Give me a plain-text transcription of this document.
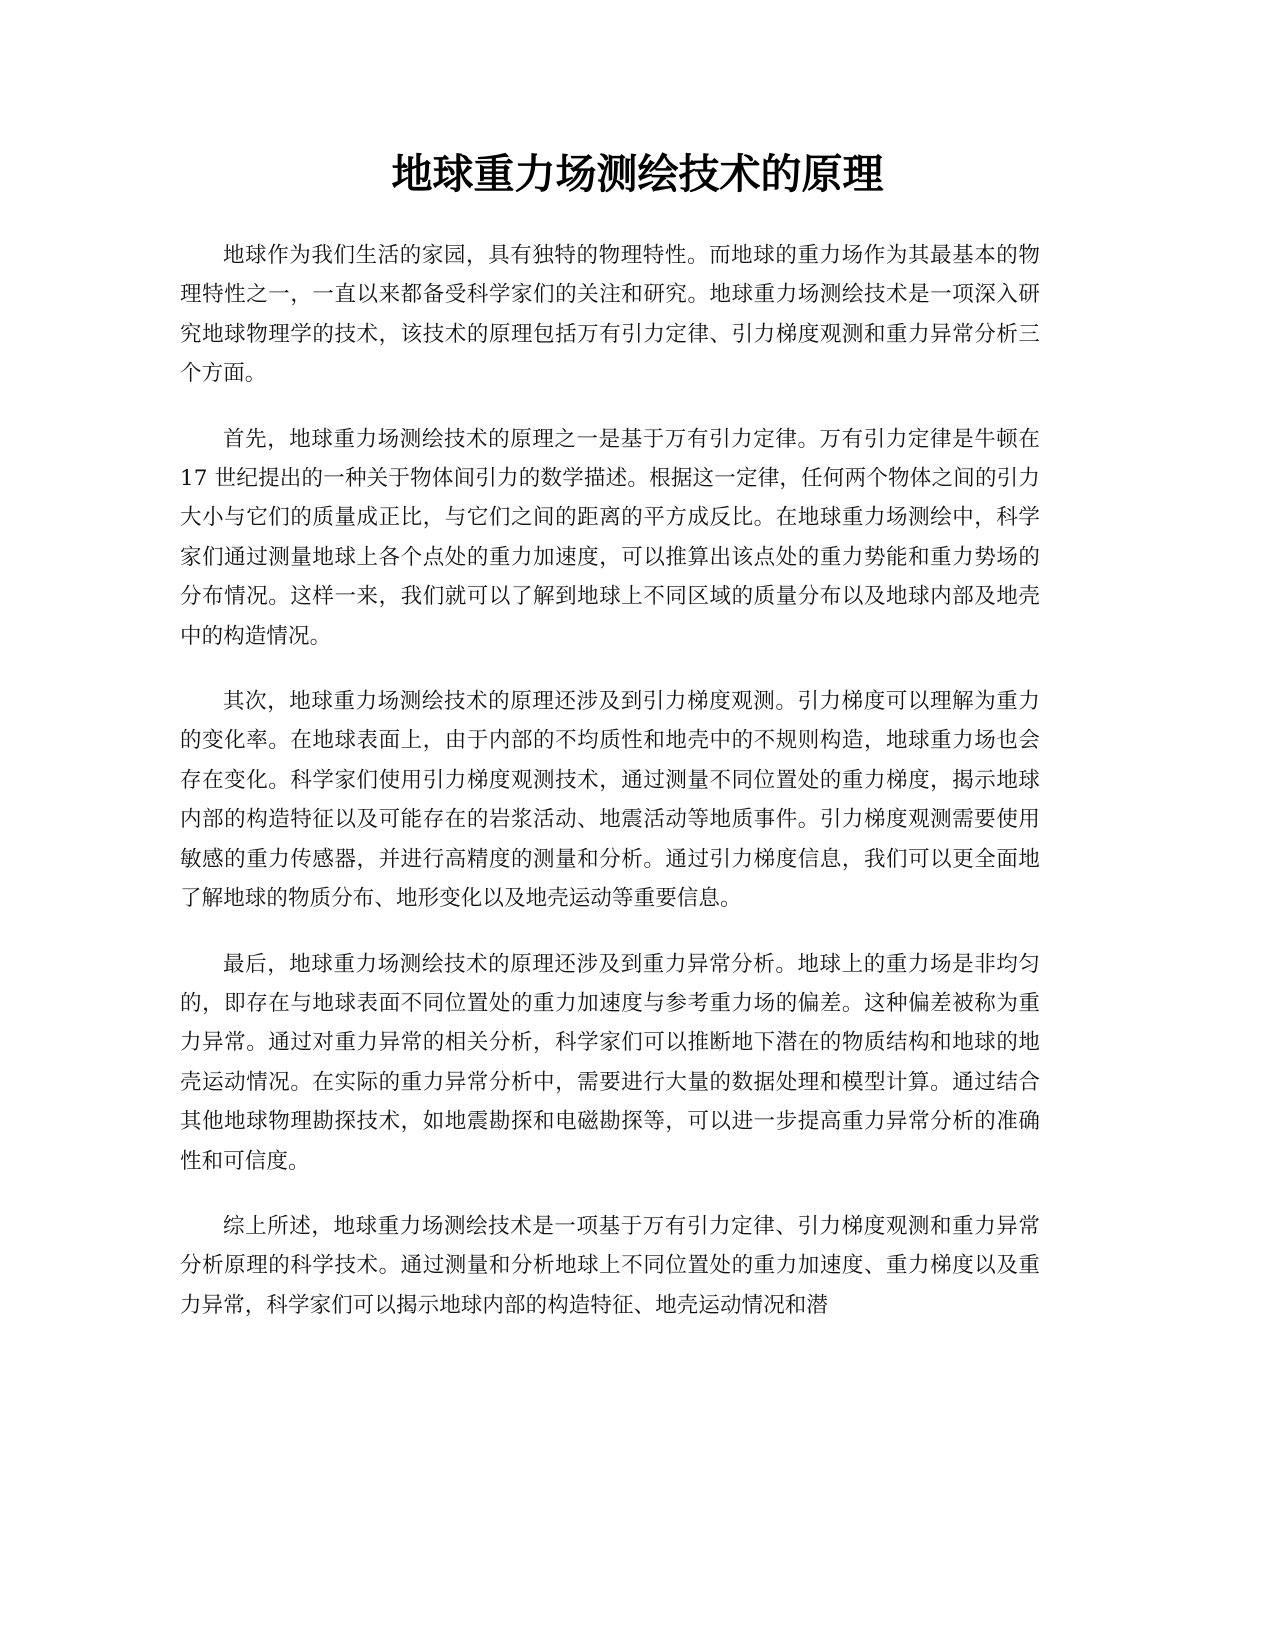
地球重力场测绘技术的原理

地球作为我们生活的家园，具有独特的物理特性。而地球的重力场作为其最基本的物理特性之一，一直以来都备受科学家们的关注和研究。地球重力场测绘技术是一项深入研究地球物理学的技术，该技术的原理包括万有引力定律、引力梯度观测和重力异常分析三个方面。

首先，地球重力场测绘技术的原理之一是基于万有引力定律。万有引力定律是牛顿在 17 世纪提出的一种关于物体间引力的数学描述。根据这一定律，任何两个物体之间的引力大小与它们的质量成正比，与它们之间的距离的平方成反比。在地球重力场测绘中，科学家们通过测量地球上各个点处的重力加速度，可以推算出该点处的重力势能和重力势场的分布情况。这样一来，我们就可以了解到地球上不同区域的质量分布以及地球内部及地壳中的构造情况。

其次，地球重力场测绘技术的原理还涉及到引力梯度观测。引力梯度可以理解为重力的变化率。在地球表面上，由于内部的不均质性和地壳中的不规则构造，地球重力场也会存在变化。科学家们使用引力梯度观测技术，通过测量不同位置处的重力梯度，揭示地球内部的构造特征以及可能存在的岩浆活动、地震活动等地质事件。引力梯度观测需要使用敏感的重力传感器，并进行高精度的测量和分析。通过引力梯度信息，我们可以更全面地了解地球的物质分布、地形变化以及地壳运动等重要信息。

最后，地球重力场测绘技术的原理还涉及到重力异常分析。地球上的重力场是非均匀的，即存在与地球表面不同位置处的重力加速度与参考重力场的偏差。这种偏差被称为重力异常。通过对重力异常的相关分析，科学家们可以推断地下潜在的物质结构和地球的地壳运动情况。在实际的重力异常分析中，需要进行大量的数据处理和模型计算。通过结合其他地球物理勘探技术，如地震勘探和电磁勘探等，可以进一步提高重力异常分析的准确性和可信度。

综上所述，地球重力场测绘技术是一项基于万有引力定律、引力梯度观测和重力异常分析原理的科学技术。通过测量和分析地球上不同位置处的重力加速度、重力梯度以及重力异常，科学家们可以揭示地球内部的构造特征、地壳运动情况和潜
